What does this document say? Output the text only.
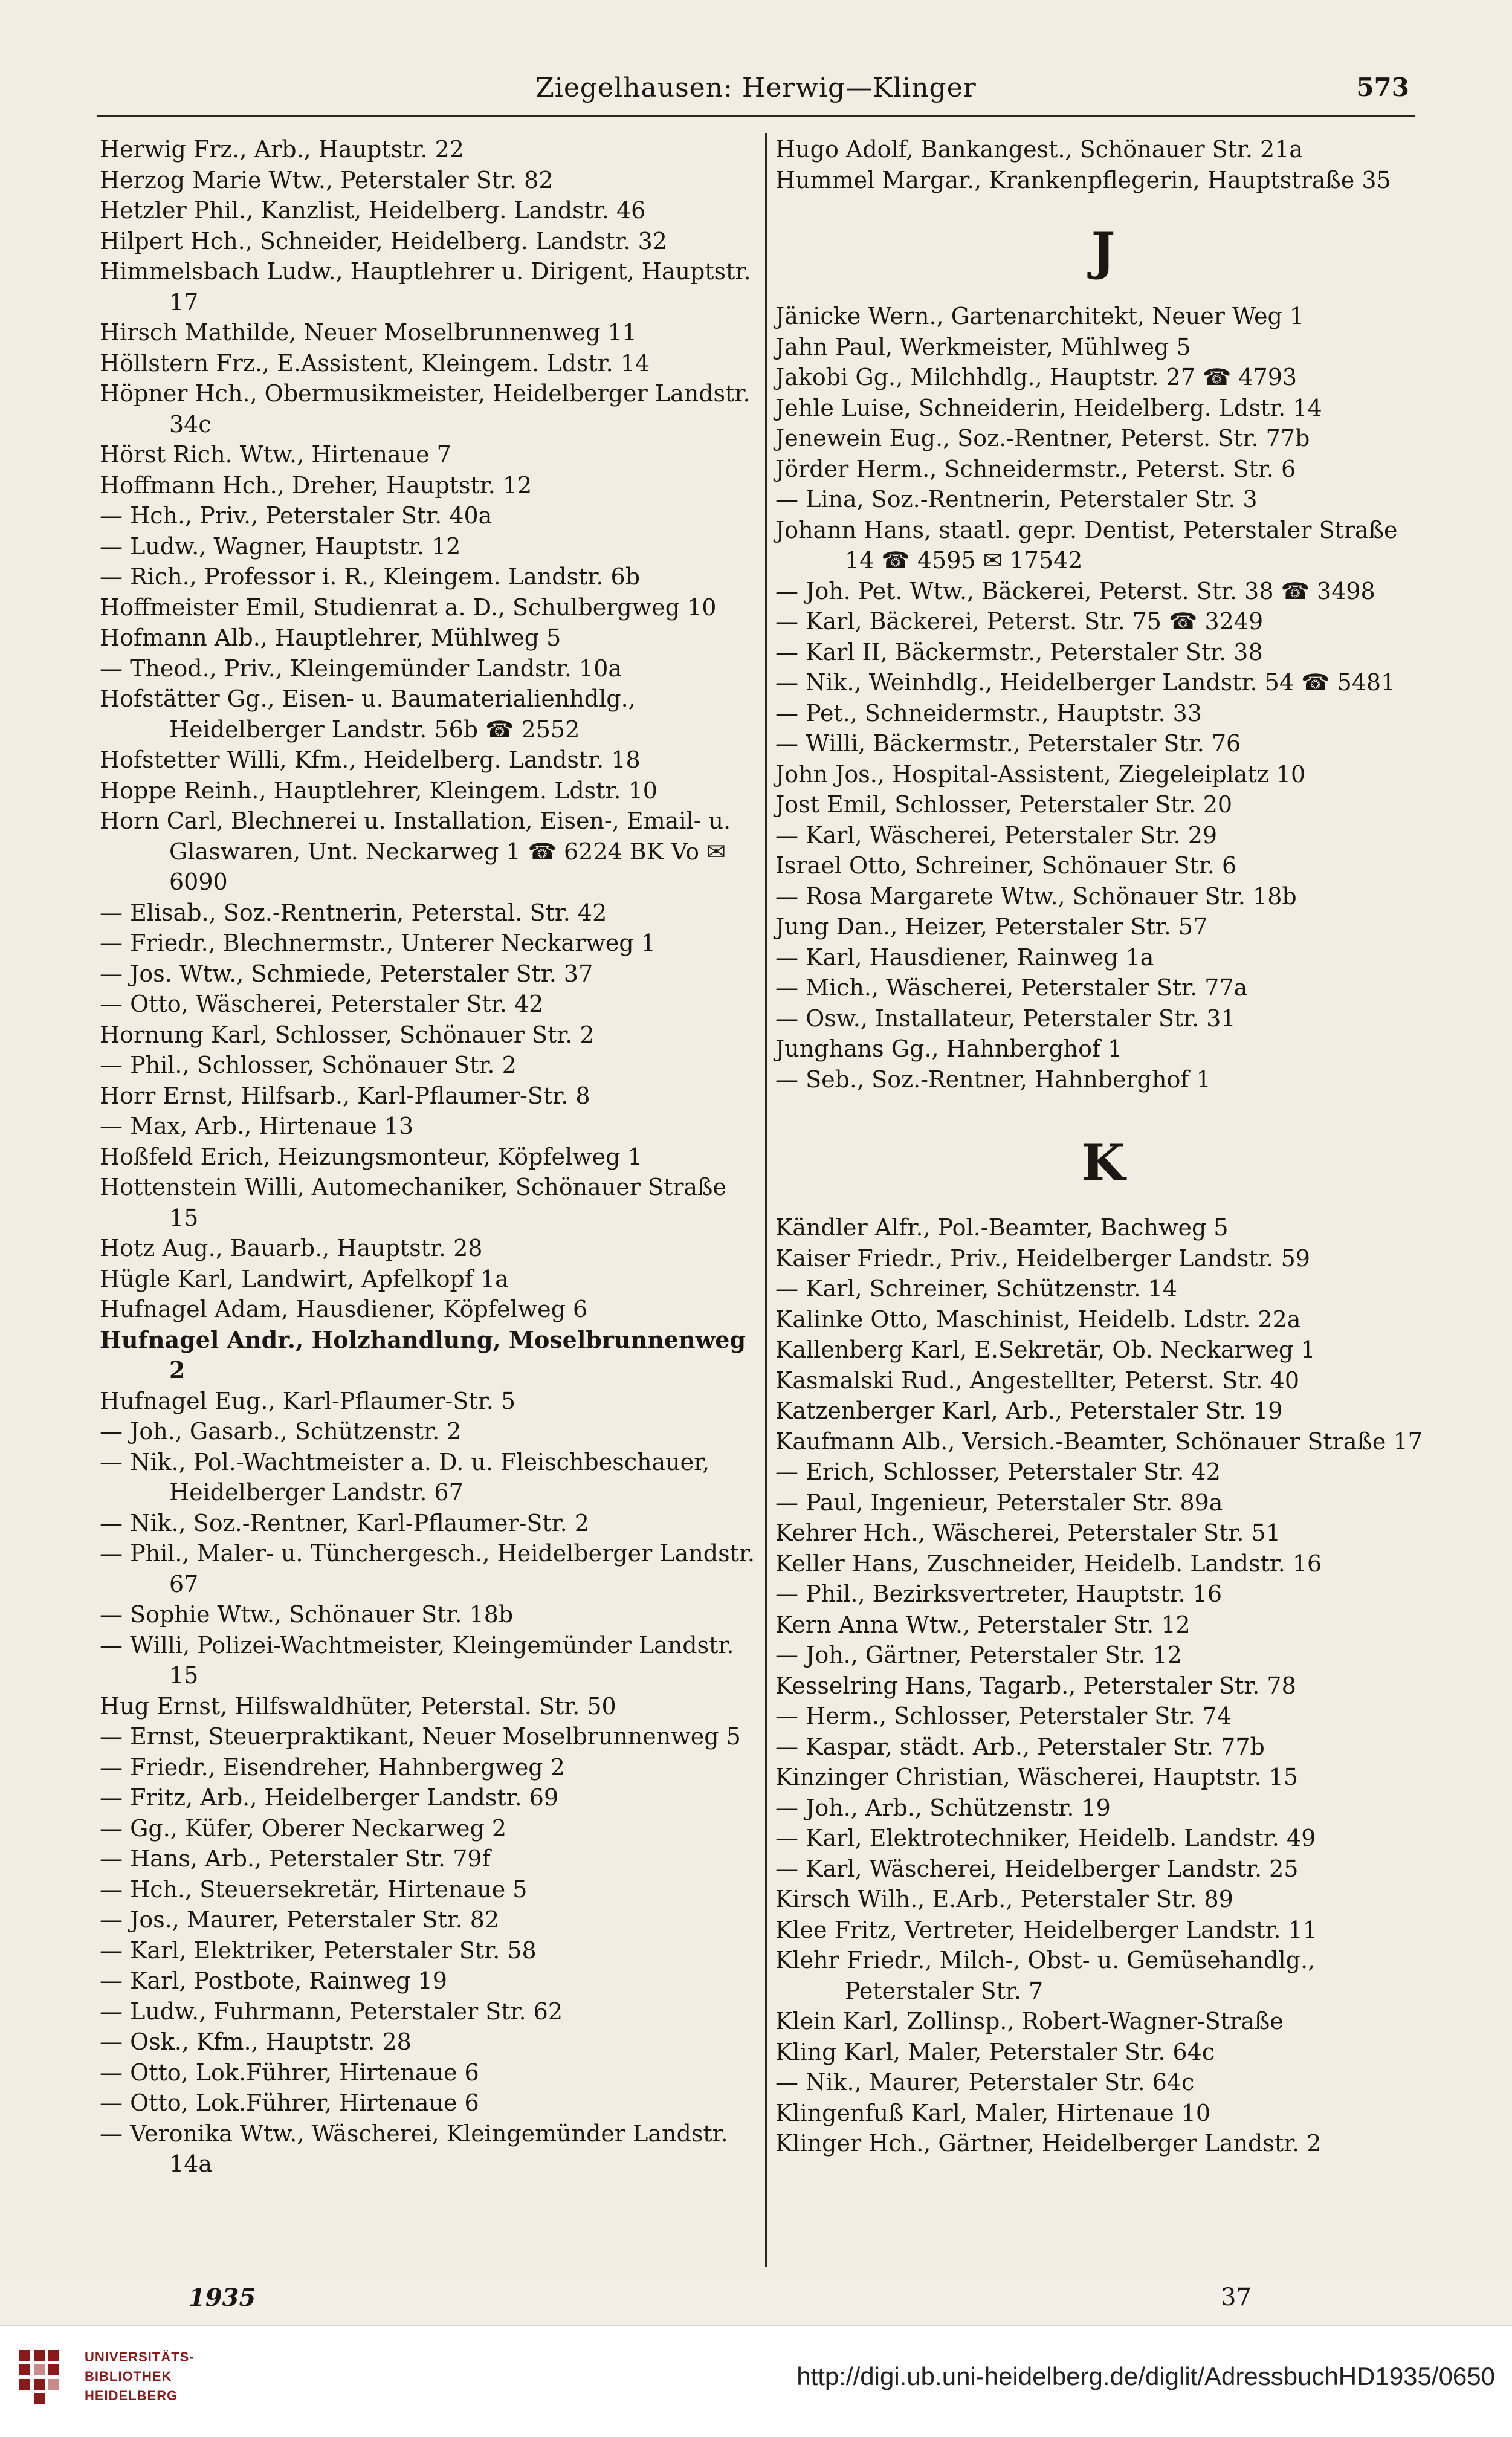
Ziegelhausen: Herwig—Klinger	573
Herwig Frz., Arb., Hauptstr. 22
Herzog Marie Wtw., Peterstaler Str. 82
Hetzler Phil., Kanzlist, Heidelberg. Landstr. 46
Hilpert Hch., Schneider, Heidelberg. Landstr. 32
Himmelsbach Ludw., Hauptlehrer u. Dirigent, Hauptstr. 17
Hirsch Mathilde, Neuer Moselbrunnenweg 11
Höllstern Frz., E.Assistent, Kleingem. Ldstr. 14
Höpner Hch., Obermusikmeister, Heidelberger Landstr. 34c
Hörst Rich. Wtw., Hirtenaue 7
Hoffmann Hch., Dreher, Hauptstr. 12
— Hch., Priv., Peterstaler Str. 40a
— Ludw., Wagner, Hauptstr. 12
— Rich., Professor i. R., Kleingem. Landstr. 6b
Hoffmeister Emil, Studienrat a. D., Schulbergweg 10
Hofmann Alb., Hauptlehrer, Mühlweg 5
— Theod., Priv., Kleingemünder Landstr. 10a
Hofstätter Gg., Eisen- u. Baumaterialienhdlg., Heidelberger Landstr. 56b ☎ 2552
Hofstetter Willi, Kfm., Heidelberg. Landstr. 18
Hoppe Reinh., Hauptlehrer, Kleingem. Ldstr. 10
Horn Carl, Blechnerei u. Installation, Eisen-, Email- u. Glaswaren, Unt. Neckarweg 1 ☎ 6224 BK Vo ✉ 6090
— Elisab., Soz.-Rentnerin, Peterstal. Str. 42
— Friedr., Blechnermstr., Unterer Neckarweg 1
— Jos. Wtw., Schmiede, Peterstaler Str. 37
— Otto, Wäscherei, Peterstaler Str. 42
Hornung Karl, Schlosser, Schönauer Str. 2
— Phil., Schlosser, Schönauer Str. 2
Horr Ernst, Hilfsarb., Karl-Pflaumer-Str. 8
— Max, Arb., Hirtenaue 13
Hoßfeld Erich, Heizungsmonteur, Köpfelweg 1
Hottenstein Willi, Automechaniker, Schönauer Straße 15
Hotz Aug., Bauarb., Hauptstr. 28
Hügle Karl, Landwirt, Apfelkopf 1a
Hufnagel Adam, Hausdiener, Köpfelweg 6
Hufnagel Andr., Holzhandlung, Moselbrunnenweg 2
Hufnagel Eug., Karl-Pflaumer-Str. 5
— Joh., Gasarb., Schützenstr. 2
— Nik., Pol.-Wachtmeister a. D. u. Fleischbeschauer, Heidelberger Landstr. 67
— Nik., Soz.-Rentner, Karl-Pflaumer-Str. 2
— Phil., Maler- u. Tünchergesch., Heidelberger Landstr. 67
— Sophie Wtw., Schönauer Str. 18b
— Willi, Polizei-Wachtmeister, Kleingemünder Landstr. 15
Hug Ernst, Hilfswaldhüter, Peterstal. Str. 50
— Ernst, Steuerpraktikant, Neuer Moselbrunnenweg 5
— Friedr., Eisendreher, Hahnbergweg 2
— Fritz, Arb., Heidelberger Landstr. 69
— Gg., Küfer, Oberer Neckarweg 2
— Hans, Arb., Peterstaler Str. 79f
— Hch., Steuersekretär, Hirtenaue 5
— Jos., Maurer, Peterstaler Str. 82
— Karl, Elektriker, Peterstaler Str. 58
— Karl, Postbote, Rainweg 19
— Ludw., Fuhrmann, Peterstaler Str. 62
— Osk., Kfm., Hauptstr. 28
— Otto, Lok.Führer, Hirtenaue 6
— Otto, Lok.Führer, Hirtenaue 6
— Veronika Wtw., Wäscherei, Kleingemünder Landstr. 14a
Hugo Adolf, Bankangest., Schönauer Str. 21a
Hummel Margar., Krankenpflegerin, Hauptstraße 35
J
Jänicke Wern., Gartenarchitekt, Neuer Weg 1
Jahn Paul, Werkmeister, Mühlweg 5
Jakobi Gg., Milchhdlg., Hauptstr. 27 ☎ 4793
Jehle Luise, Schneiderin, Heidelberg. Ldstr. 14
Jenewein Eug., Soz.-Rentner, Peterst. Str. 77b
Jörder Herm., Schneidermstr., Peterst. Str. 6
— Lina, Soz.-Rentnerin, Peterstaler Str. 3
Johann Hans, staatl. gepr. Dentist, Peterstaler Straße 14 ☎ 4595 ✉ 17542
— Joh. Pet. Wtw., Bäckerei, Peterst. Str. 38 ☎ 3498
— Karl, Bäckerei, Peterst. Str. 75 ☎ 3249
— Karl II, Bäckermstr., Peterstaler Str. 38
— Nik., Weinhdlg., Heidelberger Landstr. 54 ☎ 5481
— Pet., Schneidermstr., Hauptstr. 33
— Willi, Bäckermstr., Peterstaler Str. 76
John Jos., Hospital-Assistent, Ziegeleiplatz 10
Jost Emil, Schlosser, Peterstaler Str. 20
— Karl, Wäscherei, Peterstaler Str. 29
Israel Otto, Schreiner, Schönauer Str. 6
— Rosa Margarete Wtw., Schönauer Str. 18b
Jung Dan., Heizer, Peterstaler Str. 57
— Karl, Hausdiener, Rainweg 1a
— Mich., Wäscherei, Peterstaler Str. 77a
— Osw., Installateur, Peterstaler Str. 31
Junghans Gg., Hahnberghof 1
— Seb., Soz.-Rentner, Hahnberghof 1
K
Kändler Alfr., Pol.-Beamter, Bachweg 5
Kaiser Friedr., Priv., Heidelberger Landstr. 59
— Karl, Schreiner, Schützenstr. 14
Kalinke Otto, Maschinist, Heidelb. Ldstr. 22a
Kallenberg Karl, E.Sekretär, Ob. Neckarweg 1
Kasmalski Rud., Angestellter, Peterst. Str. 40
Katzenberger Karl, Arb., Peterstaler Str. 19
Kaufmann Alb., Versich.-Beamter, Schönauer Straße 17
— Erich, Schlosser, Peterstaler Str. 42
— Paul, Ingenieur, Peterstaler Str. 89a
Kehrer Hch., Wäscherei, Peterstaler Str. 51
Keller Hans, Zuschneider, Heidelb. Landstr. 16
— Phil., Bezirksvertreter, Hauptstr. 16
Kern Anna Wtw., Peterstaler Str. 12
— Joh., Gärtner, Peterstaler Str. 12
Kesselring Hans, Tagarb., Peterstaler Str. 78
— Herm., Schlosser, Peterstaler Str. 74
— Kaspar, städt. Arb., Peterstaler Str. 77b
Kinzinger Christian, Wäscherei, Hauptstr. 15
— Joh., Arb., Schützenstr. 19
— Karl, Elektrotechniker, Heidelb. Landstr. 49
— Karl, Wäscherei, Heidelberger Landstr. 25
Kirsch Wilh., E.Arb., Peterstaler Str. 89
Klee Fritz, Vertreter, Heidelberger Landstr. 11
Klehr Friedr., Milch-, Obst- u. Gemüsehandlg., Peterstaler Str. 7
Klein Karl, Zollinsp., Robert-Wagner-Straße
Kling Karl, Maler, Peterstaler Str. 64c
— Nik., Maurer, Peterstaler Str. 64c
Klingenfuß Karl, Maler, Hirtenaue 10
Klinger Hch., Gärtner, Heidelberger Landstr. 2
1935	37
UNIVERSITÄTS-
BIBLIOTHEK
HEIDELBERG
http://digi.ub.uni-heidelberg.de/diglit/AdressbuchHD1935/0650
